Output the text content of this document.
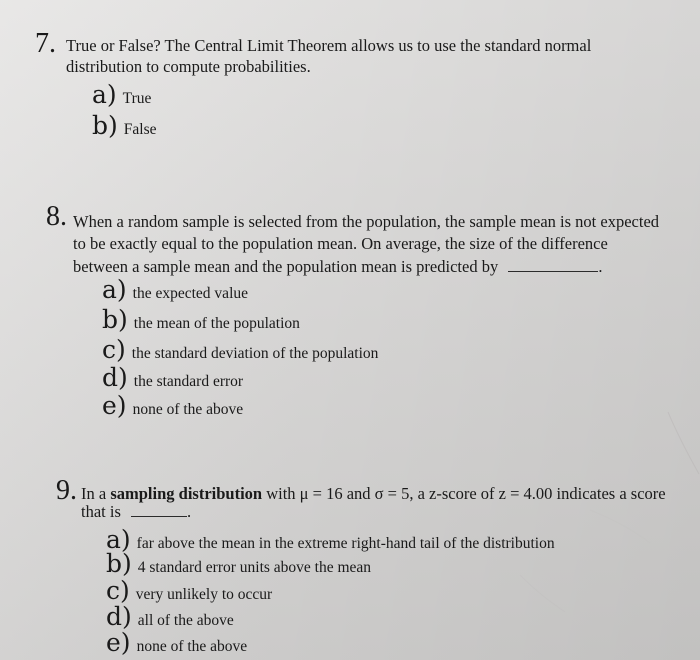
7. True or False? The Central Limit Theorem allows us to use the standard normal
distribution to compute probabilities.
a) True
b) False
8. When a random sample is selected from the population, the sample mean is not expected
to be exactly equal to the population mean. On average, the size of the difference
between a sample mean and the population mean is predicted by	.
a) the expected value
b) the mean of the population
c) the standard deviation of the population
d) the standard error
e) none of the above
9. In a sampling distribution with μ = 16 and σ = 5, a z-score of z = 4.00 indicates a score
that is	.
a) far above the mean in the extreme right-hand tail of the distribution
b) 4 standard error units above the mean
c) very unlikely to occur
d) all of the above
e) none of the above
